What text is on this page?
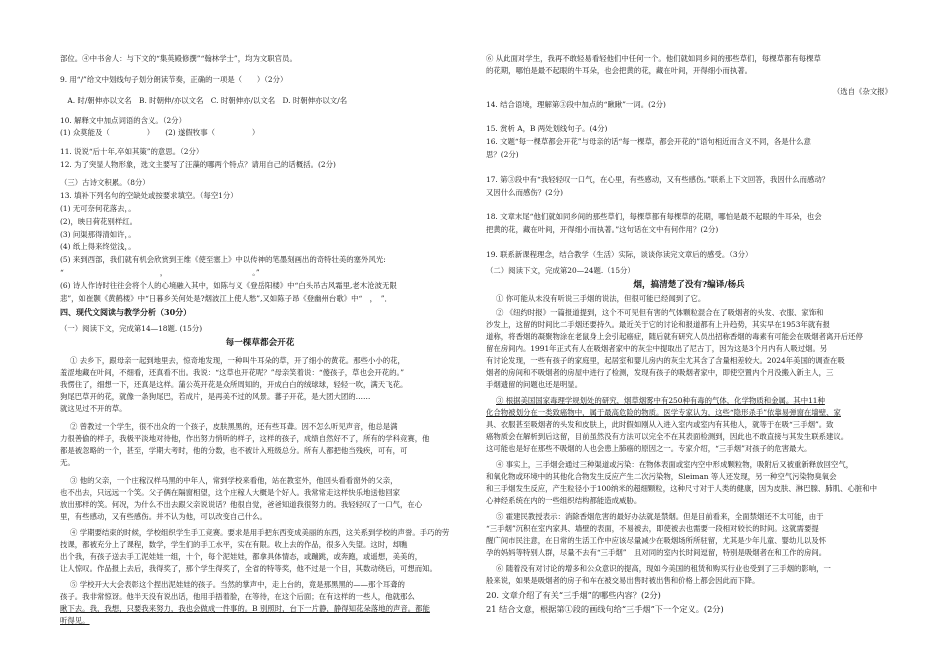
部位。④中书舍人：与下文的“集英殿修撰”“翰林学士”，均为文职官员。
9. 用“/”给文中划线句子划分朗读节奏，正确的一项是（　　）（2分）
　A. 时/朝伸亦以文名　B. 时朝伸/亦以文名　C. 时朝伸亦/以文名　D. 时朝伸亦以文/名
10. 解释文中加点词语的含义。（2分）
(1) 众莫能及（　　　　　）　　(2) 遂假牧事（　　　　　）
11. 说说“后十年,卒如其策”的意思。（2分）
12. 为了突显人物形象，选文主要写了汪藻的哪两个特点？请用自己的话概括。(2分)
（三）古诗文积累。（8分）
13. 填补下列名句的空缺处或按要求填空。（每空1分）
(1) 无可奈何花落去，。
(2)，映日荷花别样红。
(3) 问渠那得清如许，。
(4) 纸上得来终觉浅，。
(5) 来到西部，我们就有机会欣赏到王维《使至塞上》中以传神的笔墨刻画出的奇特壮美的塞外风光:
“　　　　　　　　　　　　　，　　　　　　　　　　　　。”
(6) 诗人作诗时往往会将个人的心境融入其中，如陈与义《登岳阳楼》中“白头吊古风霜里,老木沧波无限
悲”，如崔颢《黄鹤楼》中“日暮乡关何处是?烟波江上使人愁”,又如陈子昂《登幽州台歌》中“　，　”．
四、现代文阅读与教学分析（30分）
（一）阅读下文，完成第14—18题. (15分)
每一棵草都会开花
① 去乡下，跟母亲一起到地里去，惊奇地发现，一种叫牛耳朵的草，开了细小的黄花。那些小小的花，
羞涩地藏在叶间，不细看，还真看不出。我说：“这草也开花呢？”母亲笑着说：“傻孩子，草也会开花的。”
我愣住了，细想一下，还真是这样。蒲公英开花是众所周知的，开成白白的绒球球，轻轻一吹，满天飞花。
狗尾巴草开的花，就像一条狗尾巴，若成片，是再美不过的风景。蕃子开花，是大团大团的……
就这见过不开的草。
② 曾教过一个学生，很不出众的一个孩子，皮肤黑黑的，还有些耳聋。因不怎么听见声音，他总是满
力很善偷的样子，我极平淡地对待他，作出努力悄听的样子，这样的孩子，成绩自然好不了，所有的学科竞赛，他
都是被忽略的一个，甚至，学期大考时，他的分数，也不被计入班级总分。所有人都把他当残疾，可有，可
无。
③ 他的父亲，一个庄稼汉样马黑的中年人，常到学校来看他，站在教室外，他回头看看窗外的父亲，
也不出去，只远远一个笑。父子俩在隔窗相望，这个庄稼人大概是个好人。我常常走这样快乐地送他回家
放出那样的笑。何况，为什么不出去跟父亲说说话？他很自觉，爸爸知道我很努力的。我轻轻叹了一口气，在心
里，有些感动，又有些感伤。并不认为他，可以改变自己什么。
④ 学期要结束的时候，学校组织学生手工竞赛。要求是用手把东西变成美丽的东西，这关系到学校的声誉。手巧的劳
技课，都被充分上了课程，数学，学生们的手工水平，实在有限。收上去的作品，很多入失望。这时，却瞧
出个我，有孩子送去手工泥娃娃一组，十个，每个泥娃娃，都拿具体情态，或蹦跳，或奔跑，或遥想，美美的，
让人惊叹。作品报上去后，我得奖了，那个学生得奖了，全省的特等奖，他不过是一个目，其数动绕后，可想而知。
⑤ 学校开大大会表彰这个捏出泥娃娃的孩子。当然的掌声中，走上台的，竟是那黑黑的——那个耳聋的
孩子。我非常惊讶。他半天没有说出话，他用手捂着脸，在等待，在这个后面；在有这样的一些人，他就那么
瞅下去。我，我想，只要我来努力，我也会做成一件事的。B 别照时，台下一片静，静得知花朵落地的声音。都能
听得见。
⑥ 从此面对学生，我再不敢轻易看轻他们中任何一个。他们就如同乡间的那些草们，每棵草都有每棵草
的花期，哪怕是最不起眼的牛耳朵，也会把黄的花，藏在叶间，开得细小而执著。
（选自《杂文报》
14. 结合语境，理解第③段中加点的“瞅瞅”一词。(2分)
15. 赏析 A，B 两处划线句子。(4分)
16. 文题“每一棵草都会开花”与母亲的话“每一棵草，都会开花的”语句相近而含义不同，各是什么意
思？(2分)
17. 第③段中有“我轻轻叹一口气，在心里，有些感动，又有些感伤。”联系上下文回答，我因什么而感动？
又因什么而感伤？(2分)
18. 文章末尾“他们就如同乡间的那些草们，每棵草都有每棵草的花期，哪怕是最不起眼的牛耳朵，也会
把黄的花，藏在叶间，开得细小而执著。”这句话在文中有何作用？(2分)
19. 联系新课程理念，结合教学（生活）实际，谈谈你读完文章后的感受。（3分）
（二）阅读下文，完成第20—24题.（15分）
烟，搞清楚了没有?编译/杨兵
① 你可能从未没有听说三手烟的说法，但很可能已经闻到了它。
② 《纽约时报》一篇报道提到，这个不可见但有害的气体颗粒混合在了吸烟者的头发、衣服、家饰和
沙发上，这留的时间比二手烟还要持久。最近关于它的讨论和报道都有上升趋势，其实早在1953年就有报
道称，将香烟的凝聚物涂在老鼠身上会引起癌症，随后就有研究人员出招称香烟的毒素有可能会在吸烟者离开后还停
留在房间内。1991年正式有人在吸烟者家中的灰尘中提取出了尼古丁，因为这是3个月内有人吸过烟。另
有讨论发现，一些有孩子的家庭里，起居室和婴儿房内的灰尘尤其含了含量相差较大。2024年美国的调查在吸
烟者的房间和不吸烟者的房屋中进行了检测，发现有孩子的吸烟者家中，即使空置内个月没搬入新主人，三
手烟遗留的问题也还是明显。
③ 根据美国国家毒理学规划处的研究，烟草烟雾中有250种有毒的气体，化学物质和金属。其中11种
化合物被划分在一类致癌物中，属于最高危险的物质。医学专家认为，这些“隐形杀手”依靠易弹窗在墙壁、家
具、衣服甚至吸烟者的头发和皮肤上，此时假如刚从入进入室内或室内有其他人，就等于在吸“三手烟”。致
癌物质会在解析到后这留，目前虽然没有方法可以完全不在其表面检测到，因此也不敢直接与其发生联系建议。
这可能也是好在那些不吸烟的人也会患上肺癌的原因之一。专家介绍，“三手烟”对孩子的危害最大。
④ 事实上，三手烟会通过三种渠道或污染：在物体表面或室内空中形成颗粒物，吸附后又被重新释放回空气，
和氧化物或环境中的其他化合物发生反应产生二次污染物，Sleiman 等人还发现，另一种空气污染物臭氧会
和三手烟发生反应，产生粒径小于100纳米的超细颗粒，这种尺寸对于人类的健康，因为皮肤、淋巴腺、肺肌、心脏和中
心神经系统在内的一些组织结构都能造成威胁。
⑤ 霍建民教授表示：消除香烟危害的最好办法就是禁烟。但是目前看来，全面禁烟还不太可能，由于
“三手烟”沉积在室内家具、墙壁的表面，不易被去，即使被去也需要一段相对较长的时间。这就需要提
醒广间市民注意，在日常的生活工作中应该尽量减少在吸烟场所所驻留，尤其是少年儿童、婴幼儿以及怀
孕的妈妈等特别人群，尽量不去有“三手烟”　且对同的室内长时间逗留，特别是吸烟者在和工作的房间。
⑥ 随着没有对讨论的增多和公众意识的提高，现如今美国的租赁和购买行业也受到了三手烟的影响，一
般来说，如果是吸烟者的房子和车在被交易出售时被出售和价格上都会因此而下降。
20. 文章介绍了有关“三手烟”的哪些内容？(2分)
21 结合文意，根据第①段的画线句给“三手烟”下一个定义。(2分)
